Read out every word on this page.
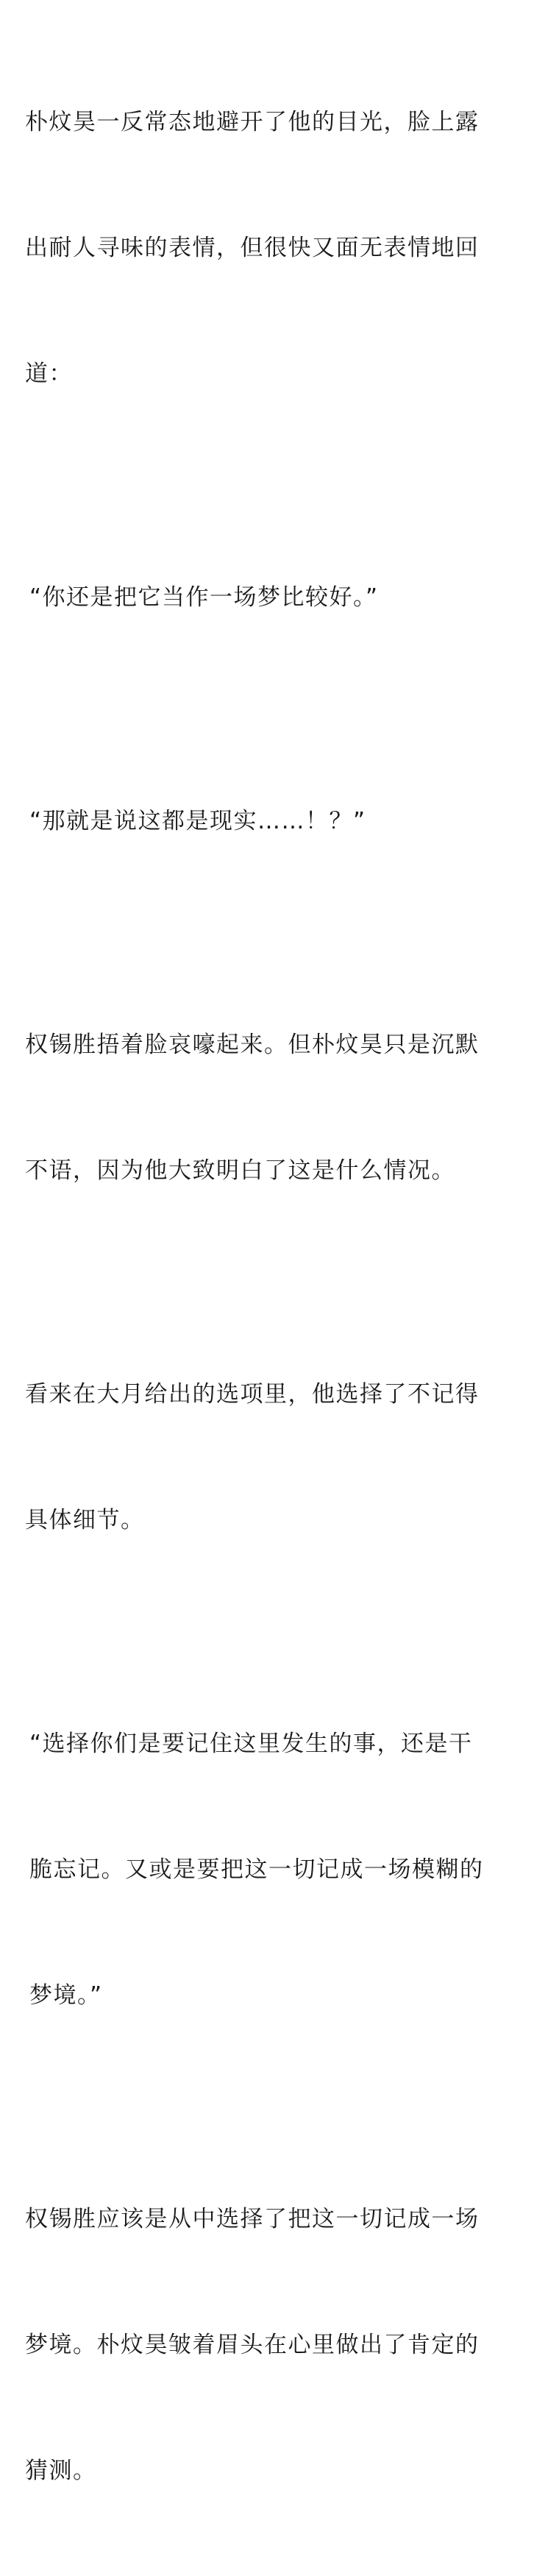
朴炆昊一反常态地避开了他的目光，脸上露

出耐人寻味的表情，但很快又面无表情地回

道：

“你还是把它当作一场梦比较好。”

“那就是说这都是现实……！？”

权锡胜捂着脸哀嚎起来。但朴炆昊只是沉默

不语，因为他大致明白了这是什么情况。

看来在大月给出的选项里，他选择了不记得

具体细节。

“选择你们是要记住这里发生的事，还是干

脆忘记。又或是要把这一切记成一场模糊的

梦境。”

权锡胜应该是从中选择了把这一切记成一场

梦境。朴炆昊皱着眉头在心里做出了肯定的

猜测。
